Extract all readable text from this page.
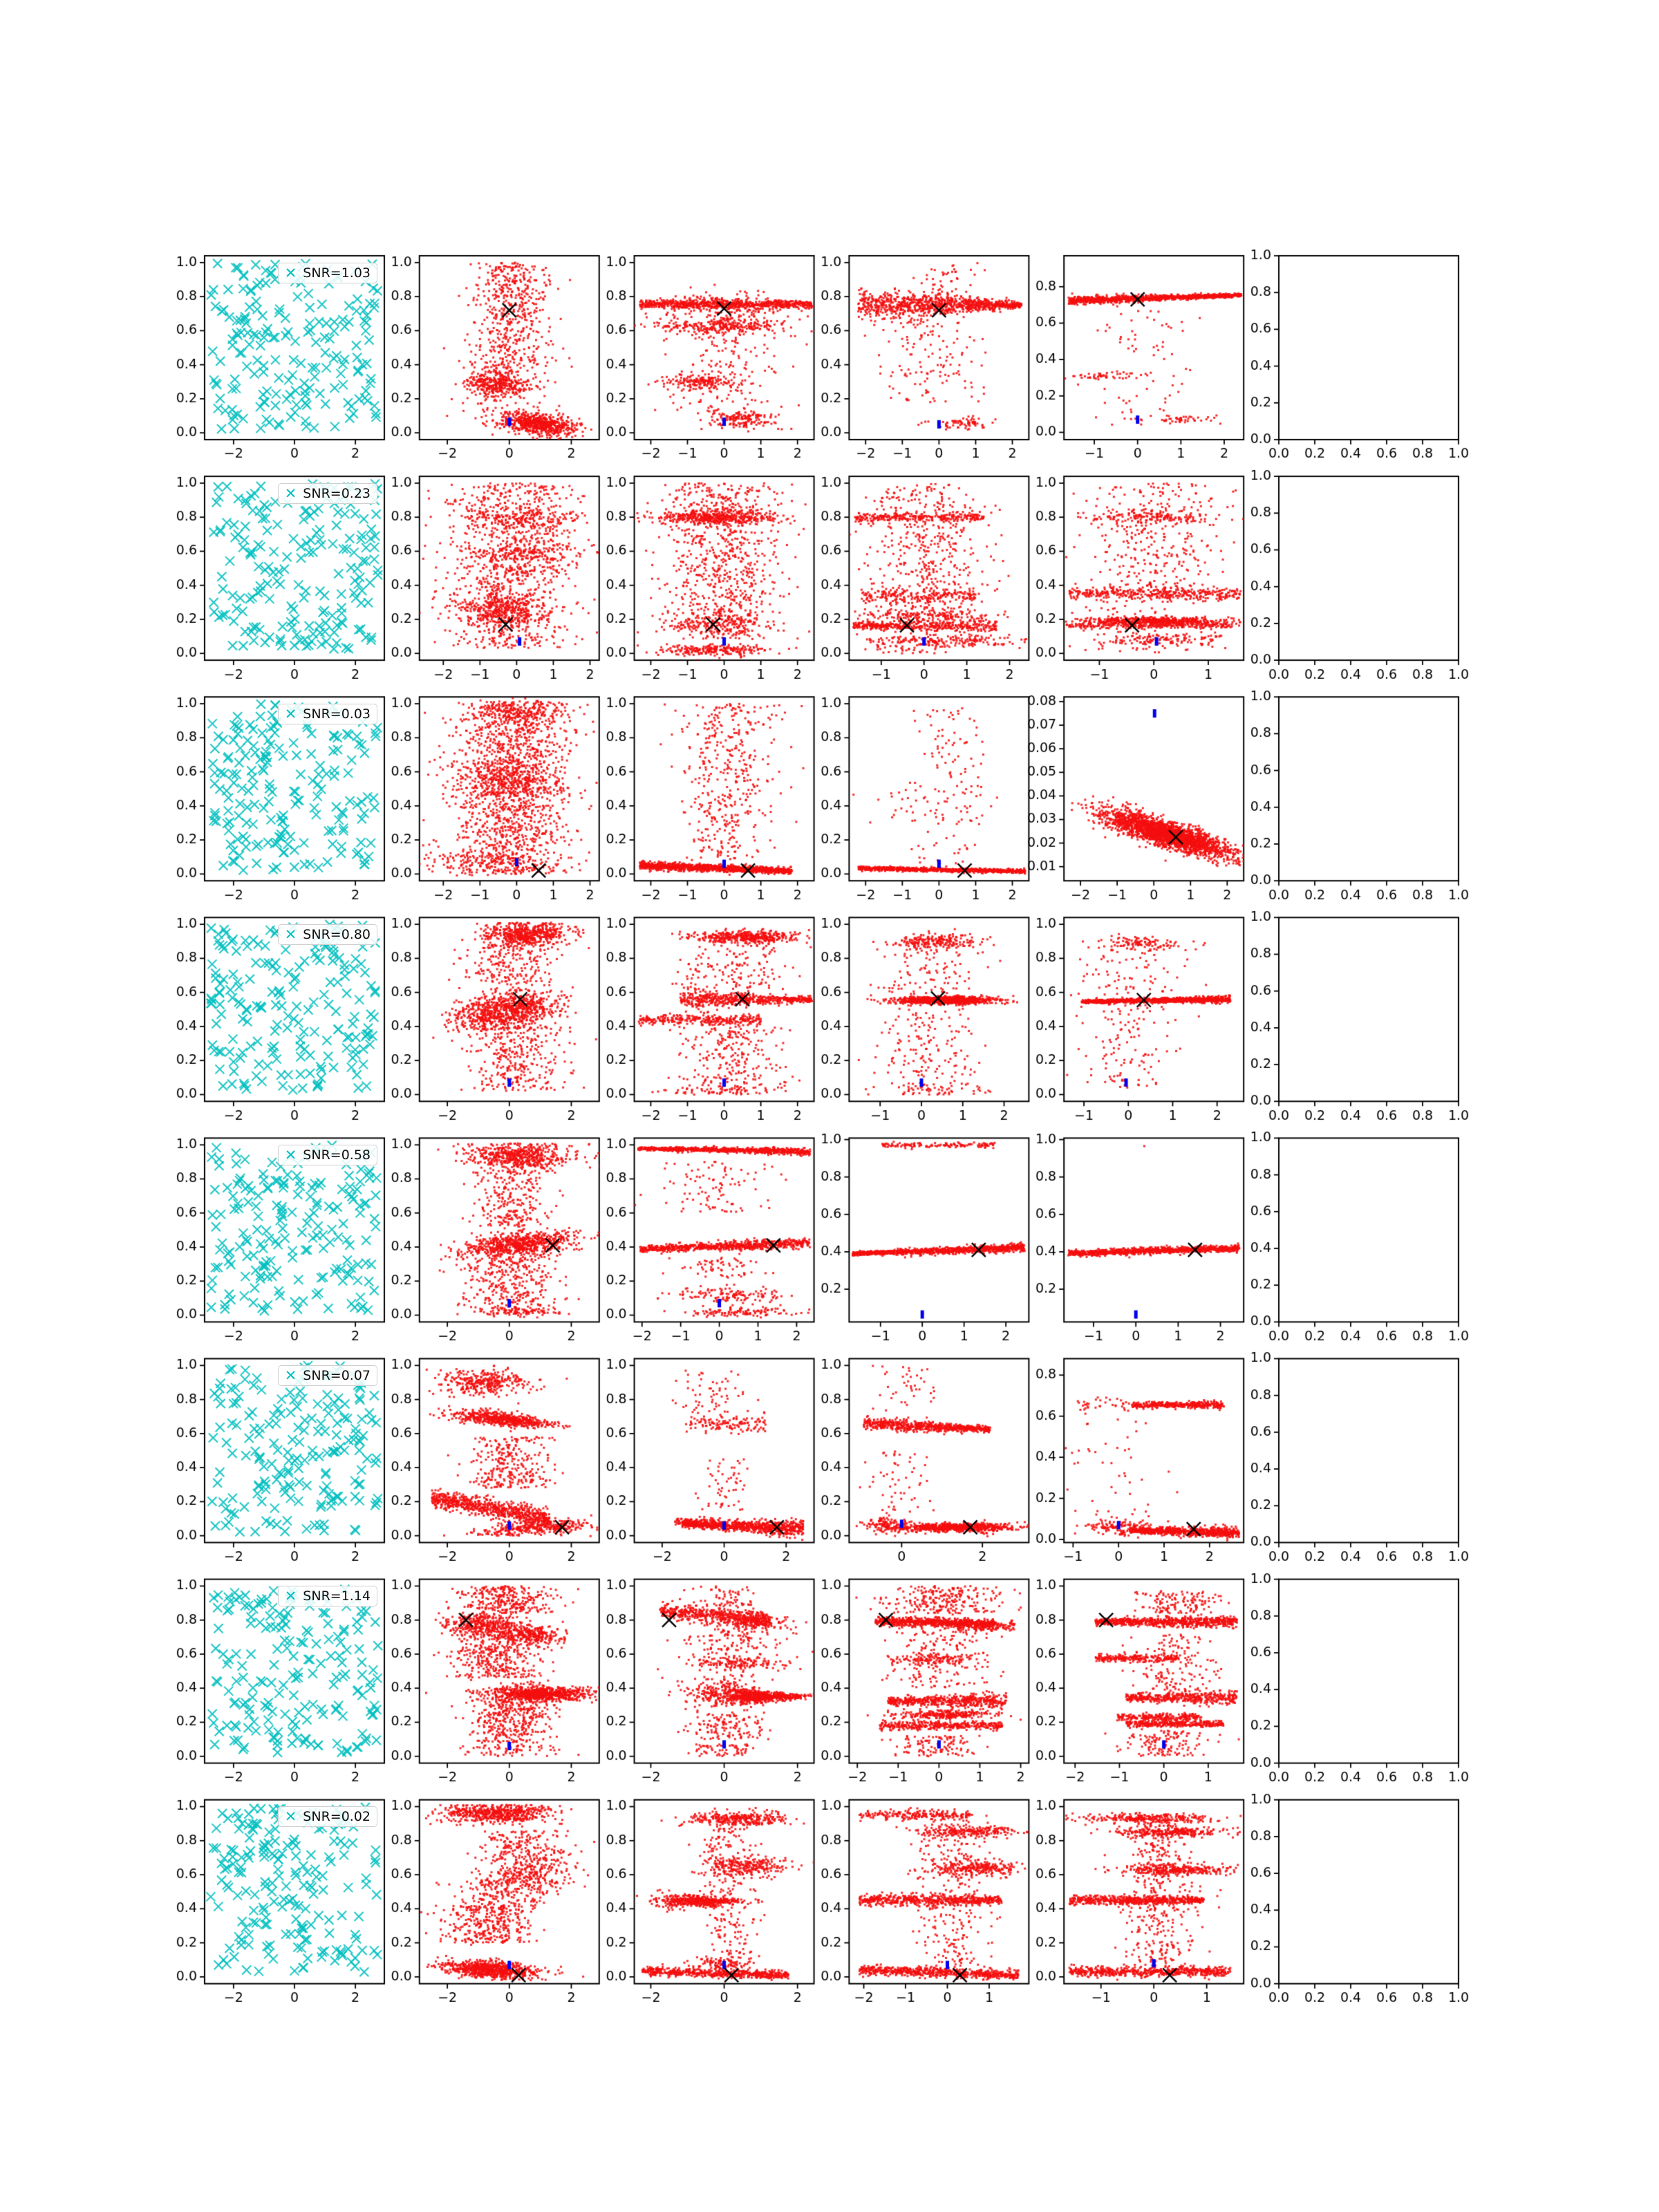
✕ SNR=1.03
✕ SNR=0.23
✕ SNR=0.03
✕ SNR=0.80
✕ SNR=0.58
✕ SNR=0.07
✕ SNR=1.14
✕ SNR=0.02
